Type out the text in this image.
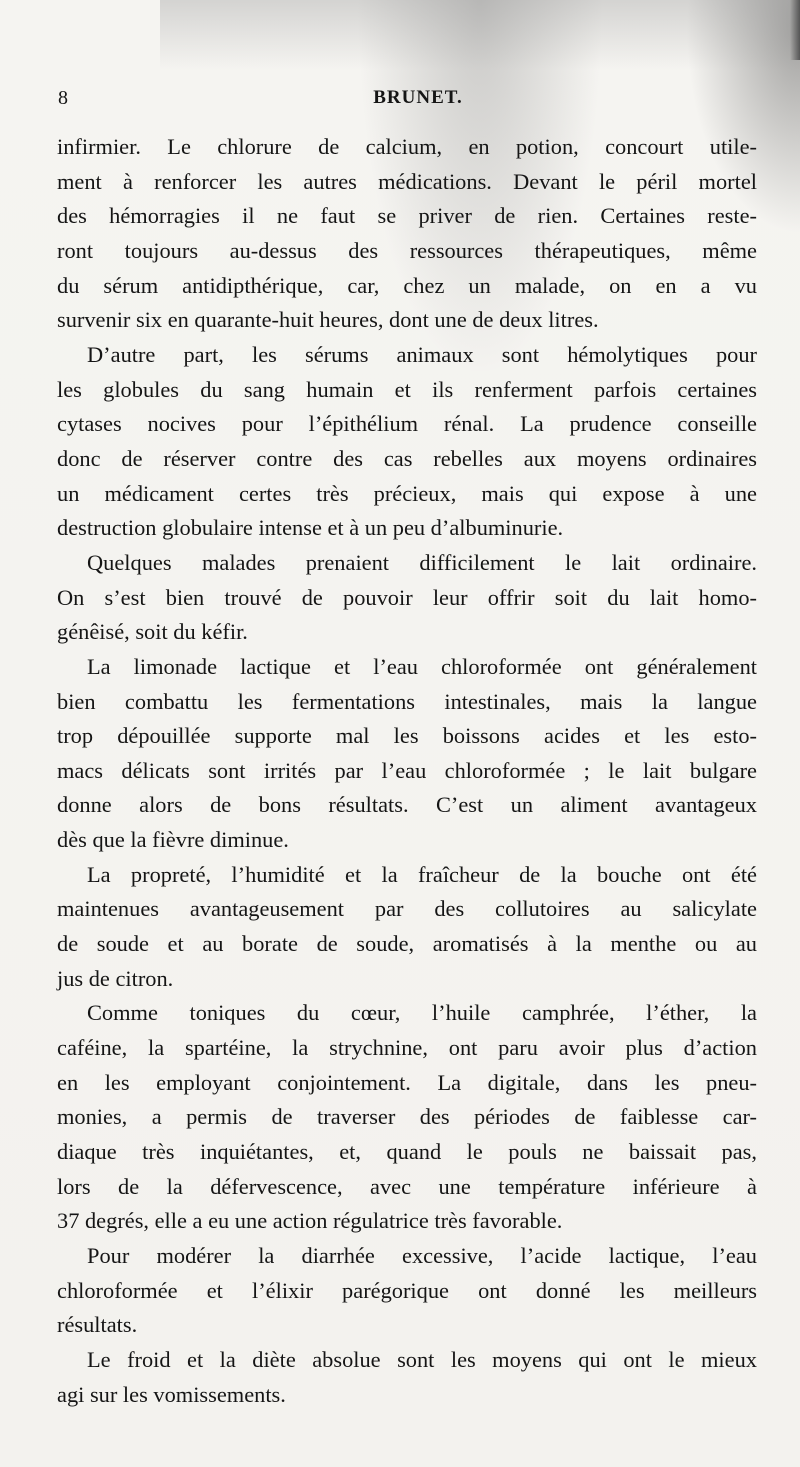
8	BRUNET.
infirmier. Le chlorure de calcium, en potion, concourt utile-
ment à renforcer les autres médications. Devant le péril mortel
des hémorragies il ne faut se priver de rien. Certaines reste-
ront toujours au-dessus des ressources thérapeutiques, même
du sérum antidipthérique, car, chez un malade, on en a vu
survenir six en quarante-huit heures, dont une de deux litres.
D’autre part, les sérums animaux sont hémolytiques pour
les globules du sang humain et ils renferment parfois certaines
cytases nocives pour l’épithélium rénal. La prudence conseille
donc de réserver contre des cas rebelles aux moyens ordinaires
un médicament certes très précieux, mais qui expose à une
destruction globulaire intense et à un peu d’albuminurie.
Quelques malades prenaient difficilement le lait ordinaire.
On s’est bien trouvé de pouvoir leur offrir soit du lait homo-
génêisé, soit du kéfir.
La limonade lactique et l’eau chloroformée ont généralement
bien combattu les fermentations intestinales, mais la langue
trop dépouillée supporte mal les boissons acides et les esto-
macs délicats sont irrités par l’eau chloroformée ; le lait bulgare
donne alors de bons résultats. C’est un aliment avantageux
dès que la fièvre diminue.
La propreté, l’humidité et la fraîcheur de la bouche ont été
maintenues avantageusement par des collutoires au salicylate
de soude et au borate de soude, aromatisés à la menthe ou au
jus de citron.
Comme toniques du cœur, l’huile camphrée, l’éther, la
caféine, la spartéine, la strychnine, ont paru avoir plus d’action
en les employant conjointement. La digitale, dans les pneu-
monies, a permis de traverser des périodes de faiblesse car-
diaque très inquiétantes, et, quand le pouls ne baissait pas,
lors de la défervescence, avec une température inférieure à
37 degrés, elle a eu une action régulatrice très favorable.
Pour modérer la diarrhée excessive, l’acide lactique, l’eau
chloroformée et l’élixir parégorique ont donné les meilleurs
résultats.
Le froid et la diète absolue sont les moyens qui ont le mieux
agi sur les vomissements.
